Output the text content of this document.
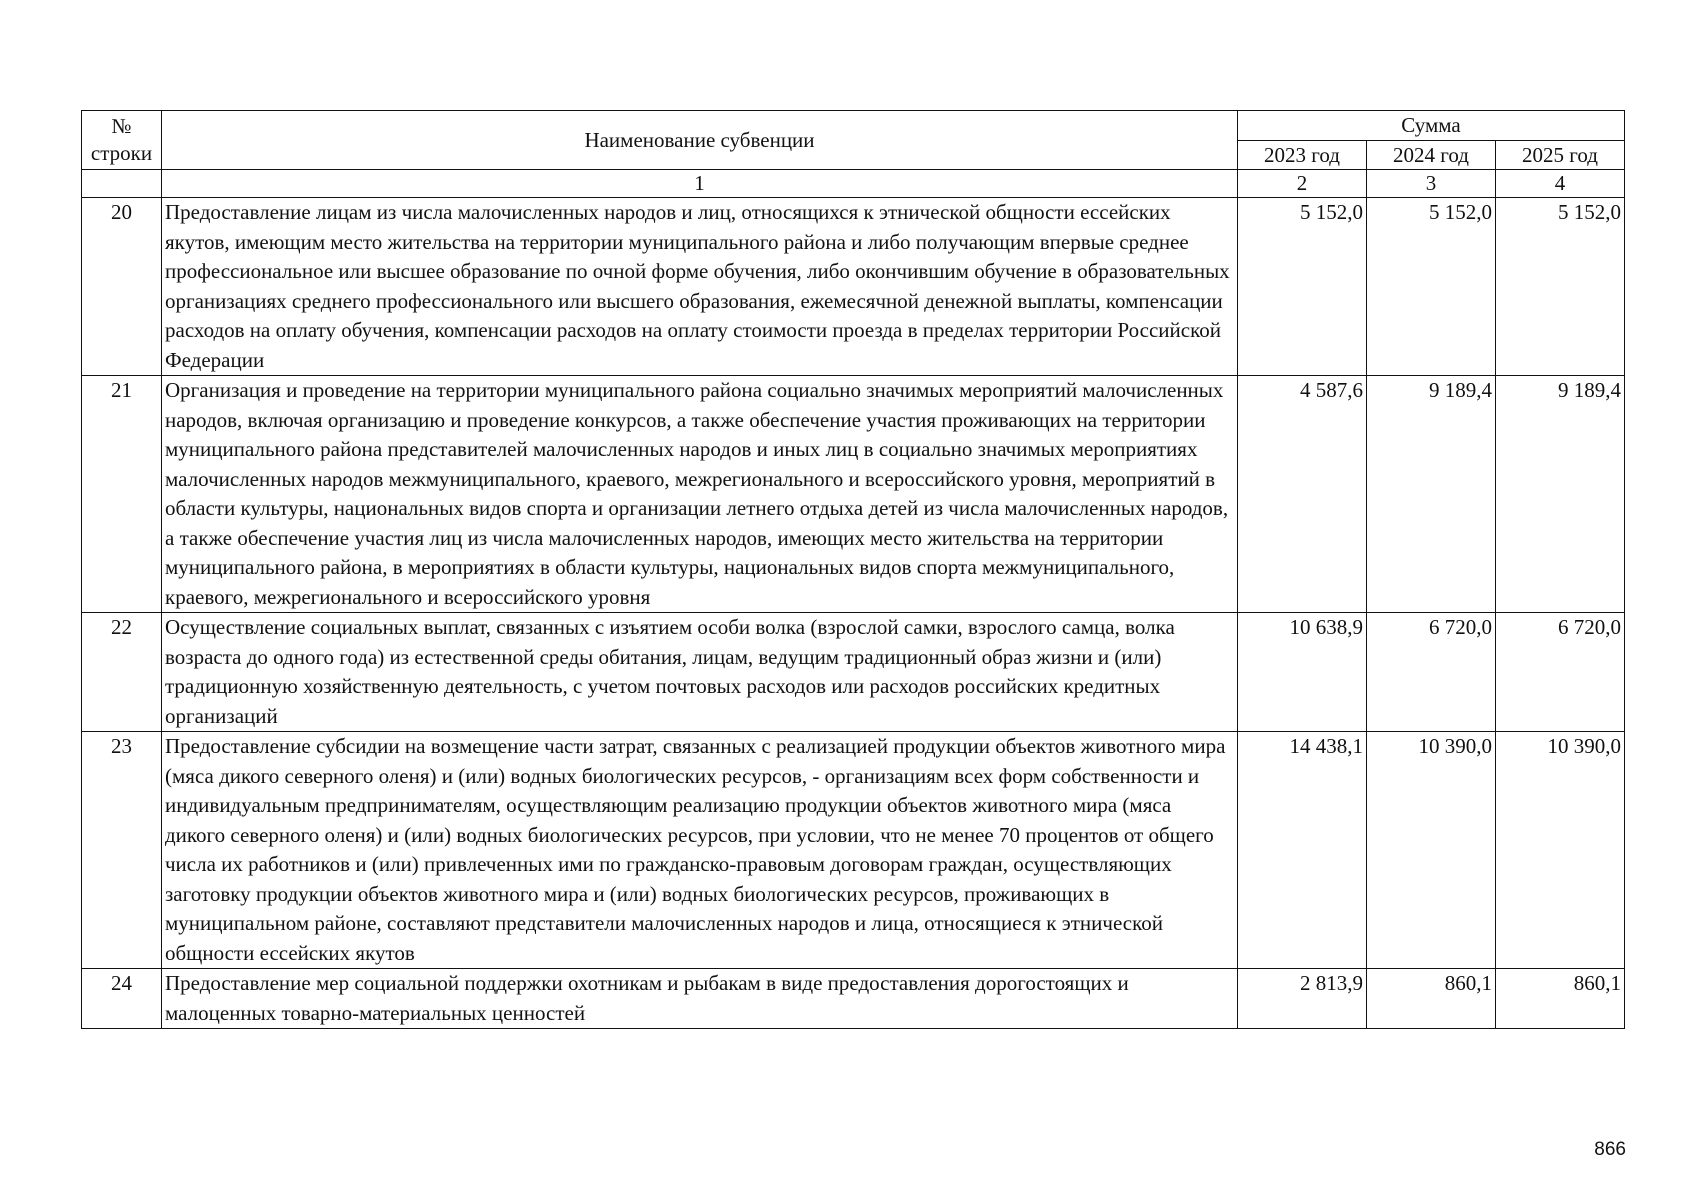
№
строки	Наименование субвенции	Сумма		
		2023 год	2024 год	2025 год
	1	2	3	4
20	Предоставление лицам из числа малочисленных народов и лиц, относящихся к этнической общности ессейских якутов, имеющим место жительства на территории муниципального района и либо получающим впервые среднее профессиональное или высшее образование по очной форме обучения, либо окончившим обучение в образовательных организациях среднего профессионального или высшего образования, ежемесячной денежной выплаты, компенсации расходов на оплату обучения, компенсации расходов на оплату стоимости проезда в пределах территории Российской Федерации	5 152,0	5 152,0	5 152,0
21	Организация и проведение на территории муниципального района социально значимых мероприятий малочисленных народов, включая организацию и проведение конкурсов, а также обеспечение участия проживающих на территории муниципального района представителей малочисленных народов и иных лиц в социально значимых мероприятиях малочисленных народов межмуниципального, краевого, межрегионального и всероссийского уровня, мероприятий в области культуры, национальных видов спорта и организации летнего отдыха детей из числа малочисленных народов, а также обеспечение участия лиц из числа малочисленных народов, имеющих место жительства на территории муниципального района, в мероприятиях в области культуры, национальных видов спорта межмуниципального, краевого, межрегионального и всероссийского уровня	4 587,6	9 189,4	9 189,4
22	Осуществление социальных выплат, связанных с изъятием особи волка (взрослой самки, взрослого самца, волка возраста до одного года) из естественной среды обитания, лицам, ведущим традиционный образ жизни и (или) традиционную хозяйственную деятельность, с учетом почтовых расходов или расходов российских кредитных организаций	10 638,9	6 720,0	6 720,0
23	Предоставление субсидии на возмещение части затрат, связанных с реализацией продукции объектов животного мира (мяса дикого северного оленя) и (или) водных биологических ресурсов, - организациям всех форм собственности и индивидуальным предпринимателям, осуществляющим реализацию продукции объектов животного мира (мяса дикого северного оленя) и (или) водных биологических ресурсов, при условии, что не менее 70 процентов от общего числа их работников и (или) привлеченных ими по гражданско-правовым договорам граждан, осуществляющих заготовку продукции объектов животного мира и (или) водных биологических ресурсов, проживающих в муниципальном районе, составляют представители малочисленных народов и лица, относящиеся к этнической общности ессейских якутов	14 438,1	10 390,0	10 390,0
24	Предоставление мер социальной поддержки охотникам и рыбакам в виде предоставления дорогостоящих и малоценных товарно-материальных ценностей	2 813,9	860,1	860,1
866
